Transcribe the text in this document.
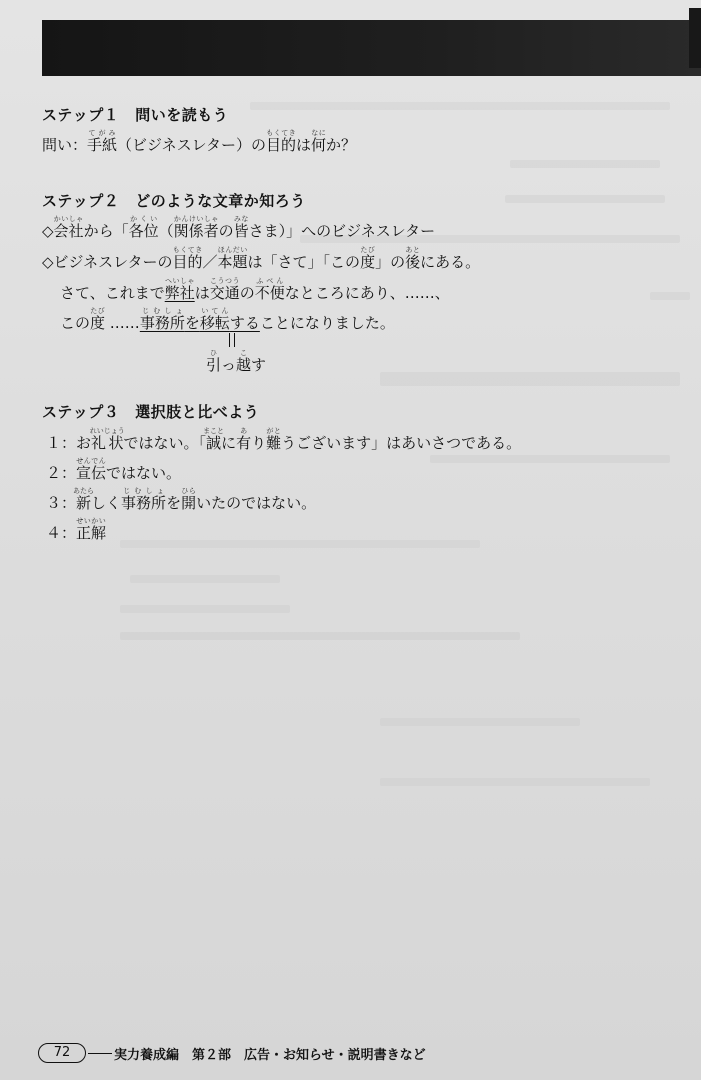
ステップ１ 問いを読もう
問い：手紙てがみ（ビジネスレター）の目的もくてきは何なにか？
ステップ２ どのような文章か知ろう
◇会社かいしゃから「各位かくい（関係者かんけいしゃの皆みなさま）」へのビジネスレター
◇ビジネスレターの目的もくてき／本題ほんだいは「さて」「この度たび」の後あとにある。
さて、これまで弊社へいしゃは交通こうつうの不便ふべんなところにあり、……、
この度たび ……事務所じむしょを移転いてんすることになりました。
引ひっ越こす
ステップ３ 選択肢と比べよう
１：お礼状れいじょうではない。「誠まことに有あり難がとうございます」はあいさつである。
２：宣伝せんでんではない。
３：新あたらしく事務所じむしょを開ひらいたのではない。
４：正解せいかい
72	実力養成編　第２部　広告・お知らせ・説明書きなど
